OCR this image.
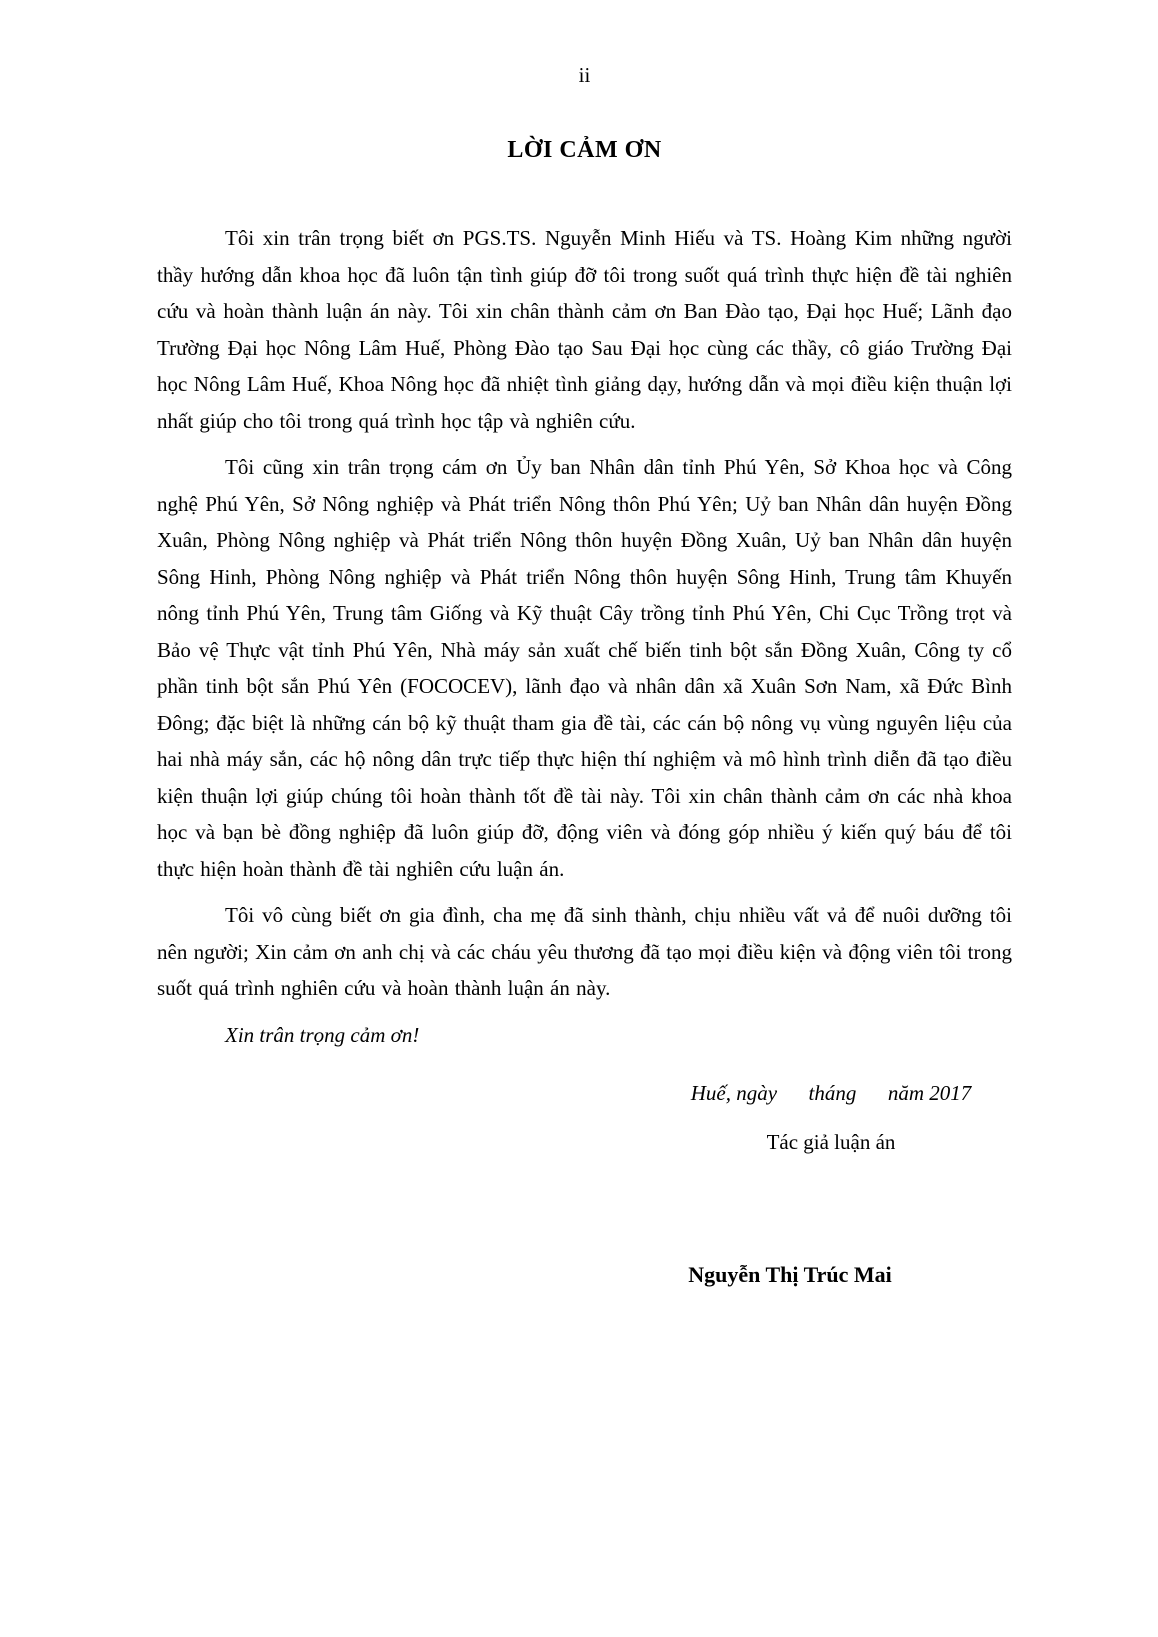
ii
LỜI CẢM ƠN

Tôi xin trân trọng biết ơn PGS.TS. Nguyễn Minh Hiếu và TS. Hoàng Kim những người thầy hướng dẫn khoa học đã luôn tận tình giúp đỡ tôi trong suốt quá trình thực hiện đề tài nghiên cứu và hoàn thành luận án này. Tôi xin chân thành cảm ơn Ban Đào tạo, Đại học Huế; Lãnh đạo Trường Đại học Nông Lâm Huế, Phòng Đào tạo Sau Đại học cùng các thầy, cô giáo Trường Đại học Nông Lâm Huế, Khoa Nông học đã nhiệt tình giảng dạy, hướng dẫn và mọi điều kiện thuận lợi nhất giúp cho tôi trong quá trình học tập và nghiên cứu.

Tôi cũng xin trân trọng cám ơn Ủy ban Nhân dân tỉnh Phú Yên, Sở Khoa học và Công nghệ Phú Yên, Sở Nông nghiệp và Phát triển Nông thôn Phú Yên; Uỷ ban Nhân dân huyện Đồng Xuân, Phòng Nông nghiệp và Phát triển Nông thôn huyện Đồng Xuân, Uỷ ban Nhân dân huyện Sông Hinh, Phòng Nông nghiệp và Phát triển Nông thôn huyện Sông Hinh, Trung tâm Khuyến nông tỉnh Phú Yên, Trung tâm Giống và Kỹ thuật Cây trồng tỉnh Phú Yên, Chi Cục Trồng trọt và Bảo vệ Thực vật tỉnh Phú Yên, Nhà máy sản xuất chế biến tinh bột sắn Đồng Xuân, Công ty cổ phần tinh bột sắn Phú Yên (FOCOCEV), lãnh đạo và nhân dân xã Xuân Sơn Nam, xã Đức Bình Đông; đặc biệt là những cán bộ kỹ thuật tham gia đề tài, các cán bộ nông vụ vùng nguyên liệu của hai nhà máy sắn, các hộ nông dân trực tiếp thực hiện thí nghiệm và mô hình trình diễn đã tạo điều kiện thuận lợi giúp chúng tôi hoàn thành tốt đề tài này. Tôi xin chân thành cảm ơn các nhà khoa học và bạn bè đồng nghiệp đã luôn giúp đỡ, động viên và đóng góp nhiều ý kiến quý báu để tôi thực hiện hoàn thành đề tài nghiên cứu luận án.

Tôi vô cùng biết ơn gia đình, cha mẹ đã sinh thành, chịu nhiều vất vả để nuôi dưỡng tôi nên người; Xin cảm ơn anh chị và các cháu yêu thương đã tạo mọi điều kiện và động viên tôi trong suốt quá trình nghiên cứu và hoàn thành luận án này.

Xin trân trọng cảm ơn!

Huế, ngày      tháng      năm 2017
Tác giả luận án
Nguyễn Thị Trúc Mai
